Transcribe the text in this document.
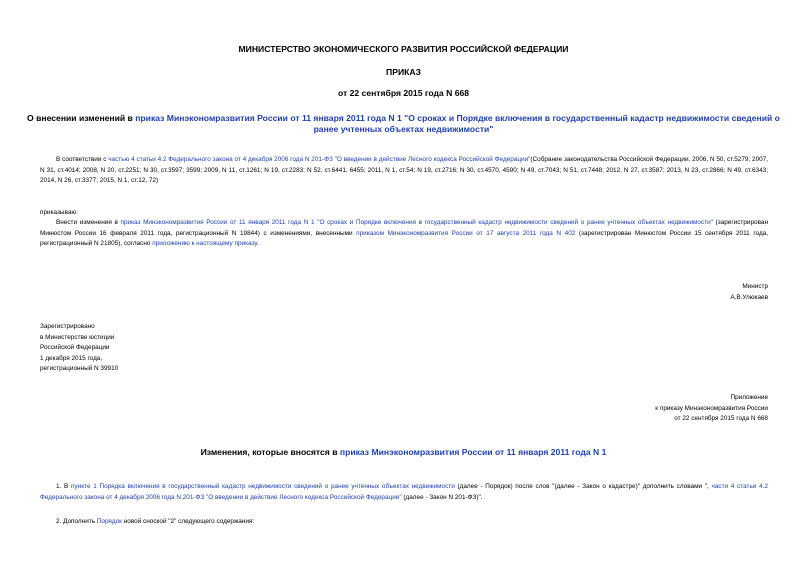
МИНИСТЕРСТВО ЭКОНОМИЧЕСКОГО РАЗВИТИЯ РОССИЙСКОЙ ФЕДЕРАЦИИ
ПРИКАЗ
от 22 сентября 2015 года N 668
О внесении изменений в приказ Минэкономразвития России от 11 января 2011 года N 1 "О сроках и Порядке включения в государственный кадастр недвижимости сведений о ранее учтенных объектах недвижимости"
В соответствии с частью 4 статьи 4.2 Федерального закона от 4 декабря 2006 года N 201-ФЗ "О введении в действие Лесного кодекса Российской Федерации"(Собрание законодательства Российской Федерации, 2006, N 50, ст.5279; 2007, N 31, ст.4014; 2008, N 20, ст.2251; N 30, ст.3597; 3599; 2009, N 11, ст.1261; N 19, ст.2283; N 52, ст.6441, 6455; 2011, N 1, ст.54; N 19, ст.2716; N 30, ст.4570, 4590; N 49, ст.7043; N 51, ст.7448; 2012, N 27, ст.3587; 2013, N 23, ст.2866; N 49, ст.6343; 2014, N 26, ст.3377; 2015, N 1, ст.12, 72)
приказываю:
Внести изменения в приказ Минэкономразвития России от 11 января 2011 года N 1 "О сроках и Порядке включения в государственный кадастр недвижимости сведений о ранее учтенных объектах недвижимости" (зарегистрирован Минюстом России 16 февраля 2011 года, регистрационный N 19844) с изменениями, внесенными приказом Минэкономразвития России от 17 августа 2011 года N 402 (зарегистрирован Минюстом России 15 сентября 2011 года, регистрационный N 21805), согласно приложению к настоящему приказу.
Министр
А.В.Улюкаев
Зарегистрировано
в Министерстве юстиции
Российской Федерации
1 декабря 2015 года,
регистрационный N 39910
Приложение
к приказу Минэкономразвития России
от 22 сентября 2015 года N 668
Изменения, которые вносятся в приказ Минэкономразвития России от 11 января 2011 года N 1
1. В пункте 1 Порядка включения в государственный кадастр недвижимости сведений о ранее учтенных объектах недвижимости (далее - Порядок) после слов "(далее - Закон о кадастре)" дополнить словами ", части 4 статьи 4.2 Федерального закона от 4 декабря 2006 года N 201-ФЗ "О введении в действие Лесного кодекса Российской Федерации" (далее - Закон N 201-ФЗ)".
2. Дополнить Порядок новой сноской "2" следующего содержания:
